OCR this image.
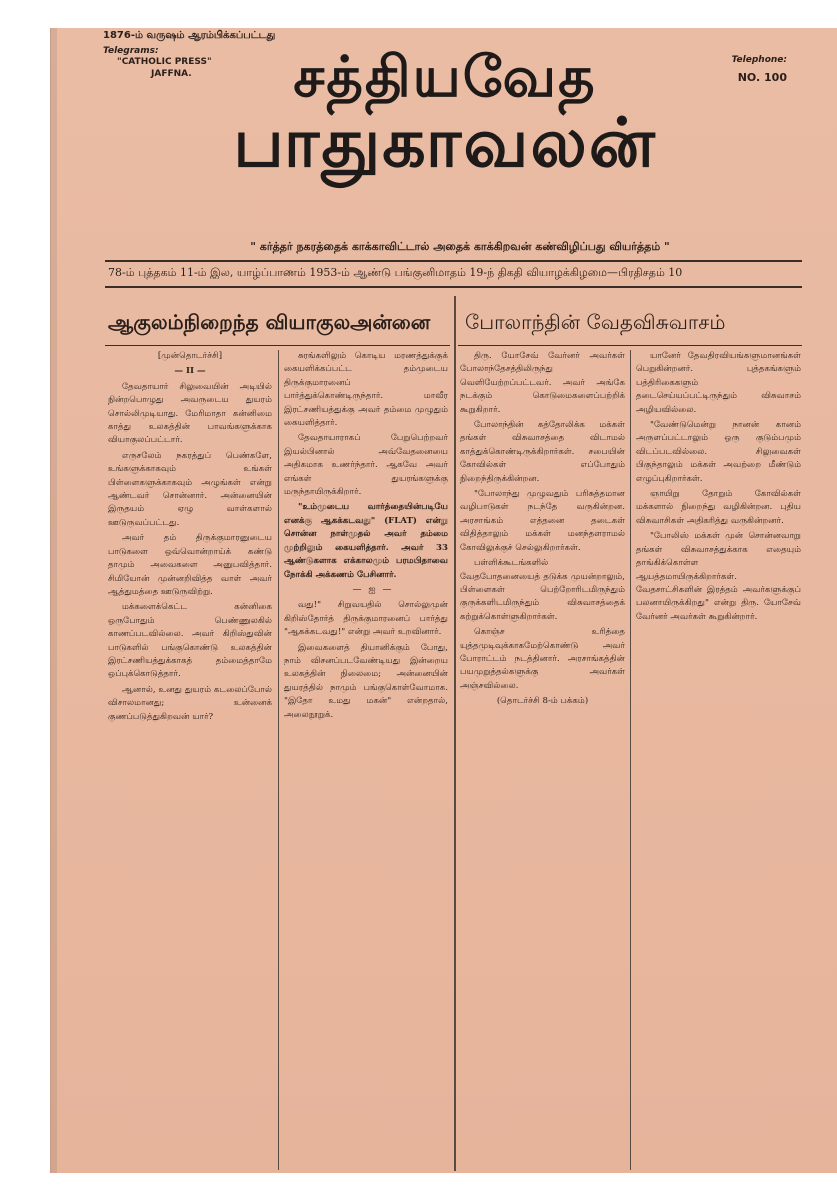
1876-ம் வருஷம் ஆரம்பிக்கப்பட்டது
Telegrams:
"CATHOLIC PRESS"
JAFFNA.
Telephone:
NO. 100
சத்தியவேத
பாதுகாவலன்
" கர்த்தர் நகரத்தைக் காக்காவிட்டால் அதைக் காக்கிறவன் கண்விழிப்பது வியர்த்தம் "
78-ம் புத்தகம் 11-ம் இல, யாழ்ப்பாணம் 1953-ம் ஆண்டு பங்குனிமாதம் 19-ந் திகதி வியாழக்கிழமை—பிரதிசதம் 10
ஆகுலம்நிறைந்த வியாகுலஅன்னை	போலாந்தின் வேதவிசுவாசம்

[முன்தொடர்ச்சி]

— II —

தேவதாயார் சிலுவையின் அடியில் நின்றபொழுது அவருடைய துயரம் சொல்லிமுடியாது. மேரிமாதா கன்னிமை காத்து உலகத்தின் பாவங்களுக்காக வியாகுலப்பட்டார்.

எருசலேம் நகரத்துப் பெண்களே, உங்களுக்காகவும் உங்கள் பிள்ளைகளுக்காகவும் அழுங்கள் என்று ஆண்டவர் சொன்னார். அன்னையின் இருதயம் ஏழு வாள்களால் ஊடுருவப்பட்டது.

அவர் தம் திருக்குமாரனுடைய பாடுகளை ஒவ்வொன்றாய்க் கண்டு தாமும் அவைகளை அனுபவித்தார். சிமியோன் முன்னறிவித்த வாள் அவர் ஆத்துமத்தை ஊடுருவிற்று.

மக்களைக்கெட்ட கன்னிகை ஒருபோதும் பெண்ணுலகில் காணப்படவில்லை. அவர் கிறிஸ்துவின் பாடுகளில் பங்குகொண்டு உலகத்தின் இரட்சணியத்துக்காகத் தம்மைத்தாமே ஒப்புக்கொடுத்தார்.

ஆனால், உனது துயரம் கடலைப்போல் விசாலமானது; உன்னைக் குணப்படுத்துகிறவன் யார்?

சுரங்களிலும் கொடிய மரணத்துக்குக் கையளிக்கப்பட்ட தம்முடைய திருக்குமாரனைப் பார்த்துக்கொண்டிருந்தார். மாவீர இரட்சணியத்துக்கு அவர் தம்மை முழுதும் கையளித்தார்.

தேவதாயாராகப் பேறுபெற்றவர் இயல்பினால் அவ்வேதனையை அதிகமாக உணர்ந்தார். ஆகவே அவர் எங்கள் துயரங்களுக்கு மருந்தாயிருக்கிறார்.

"உம்முடைய வார்த்தையின்படியே எனக்கு ஆகக்கடவது" (FLAT) என்று சொன்ன நாள்முதல் அவர் தம்மை முற்றிலும் கையளித்தார். அவர் 33 ஆண்டுகளாக எக்காலமும் பரமபிதாவை நோக்கி அக்கணம் பேசினார்.

— ஐ —

வது!" சிறுவயதில் சொல்லுமுன் கிறிஸ்தோர்த் திருக்குமாரனைப் பார்த்து "ஆகக்கடவது!" என்று அவர் உறவினார்.

இவைகளைத் தியானிக்கும் போது, நாம் விசனப்படவேண்டியது இன்றைய உலகத்தின் நிலைமை; அன்னையின் துயரத்தில் நாமும் பங்குகொள்வோமாக. "இதோ உமது மகன்" என்றதால், அலைநூறுக்.

திரு. யோசேவ் வேர்னர் அவர்கள் போலாந்தேசத்திலிருந்து வெளியேற்றப்பட்டவர். அவர் அங்கே நடக்கும் கொடுமைகளைப்பற்றிக் கூறுகிறார்.

போலாந்தின் கத்தோலிக்க மக்கள் தங்கள் விசுவாசத்தை விடாமல் காத்துக்கொண்டிருக்கிறார்கள். சபையின் கோவில்கள் எப்போதும் நிறைந்திருக்கின்றன.

"போலாந்து முழுவதும் பரிசுத்தமான வழிபாடுகள் நடந்தே வருகின்றன. அரசாங்கம் எத்தனை தடைகள் விதித்தாலும் மக்கள் மனந்தளராமல் கோவிலுக்குச் செல்லுகிறார்கள்.

பள்ளிக்கூடங்களில் வேதபோதனையைத் தடுக்க முயன்றாலும், பிள்ளைகள் பெற்றோரிடமிருந்தும் குருக்களிடமிருந்தும் விசுவாசத்தைக் கற்றுக்கொள்ளுகிறார்கள்.

கொஞ்ச உரித்தை யுத்தமுடிவுக்காகமேற்கொண்டு அவர் போராட்டம் நடத்தினார். அரசாங்கத்தின் பயமுறுத்தல்களுக்கு அவர்கள் அஞ்சவில்லை.

(தொடர்ச்சி 8-ம் பக்கம்)

யானேர் தேவதிரவியங்களுமானங்கள் பெறுகின்றனர். புத்தகங்களும் பத்திரிகைகளும் தடைசெய்யப்பட்டிருந்தும் விசுவாசம் அழியவில்லை.

"வேண்டுமென்று நானன் கானம் அருளப்பட்டாலும் ஒரு குடும்பமும் விடப்படவில்லை. சிலுவைகள் பிகுந்தாலும் மக்கள் அவற்றை மீண்டும் எழுப்புகிறார்கள்.

ஞாயிறு தோறும் கோவில்கள் மக்களால் நிறைந்து வழிகின்றன. புதிய விசுவாசிகள் அதிகரித்து வருகின்றனர்.

"போலிஸ் மக்கள் முன் சொன்னவாறு தங்கள் விசுவாசத்துக்காக எதையும் தாங்கிக்கொள்ள ஆயத்தமாயிருக்கிறார்கள். வேதசாட்சிகளின் இரத்தம் அவர்களுக்குப் பலனாயிருக்கிறது" என்று திரு. யோசேவ் வேர்னர் அவர்கள் கூறுகின்றார்.
